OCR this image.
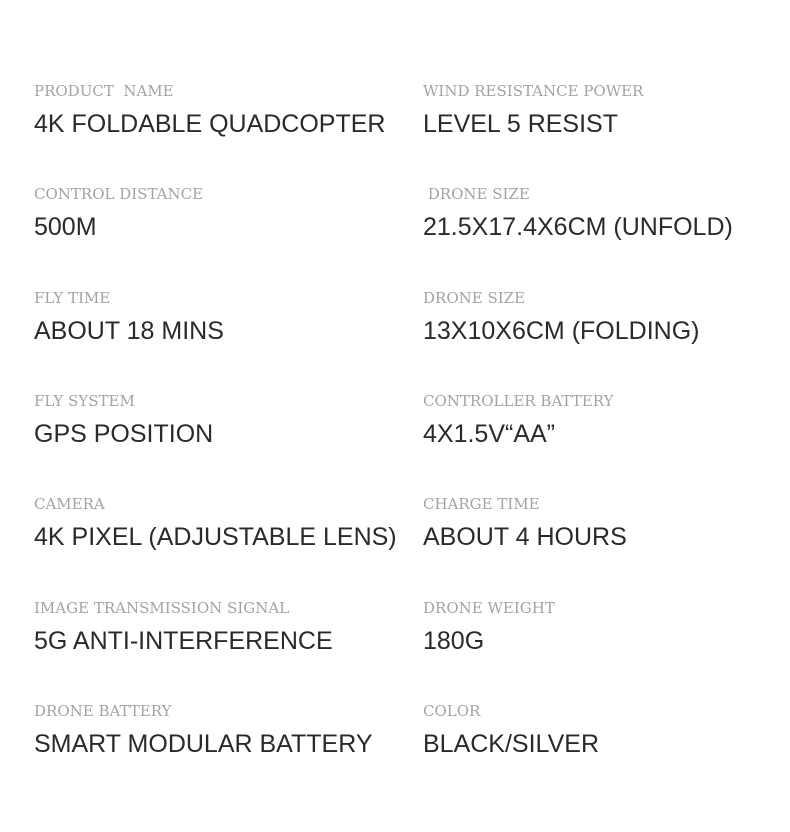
PRODUCT  NAME
4K FOLDABLE QUADCOPTER
CONTROL DISTANCE
500M
FLY TIME
ABOUT 18 MINS
FLY SYSTEM
GPS POSITION
CAMERA
4K PIXEL (ADJUSTABLE LENS)
IMAGE TRANSMISSION SIGNAL
5G ANTI-INTERFERENCE
DRONE BATTERY
SMART MODULAR BATTERY
WIND RESISTANCE POWER
LEVEL 5 RESIST
DRONE SIZE
21.5X17.4X6CM (UNFOLD)
DRONE SIZE
13X10X6CM (FOLDING)
CONTROLLER BATTERY
4X1.5V“AA”
CHARGE TIME
ABOUT 4 HOURS
DRONE WEIGHT
180G
COLOR
BLACK/SILVER
